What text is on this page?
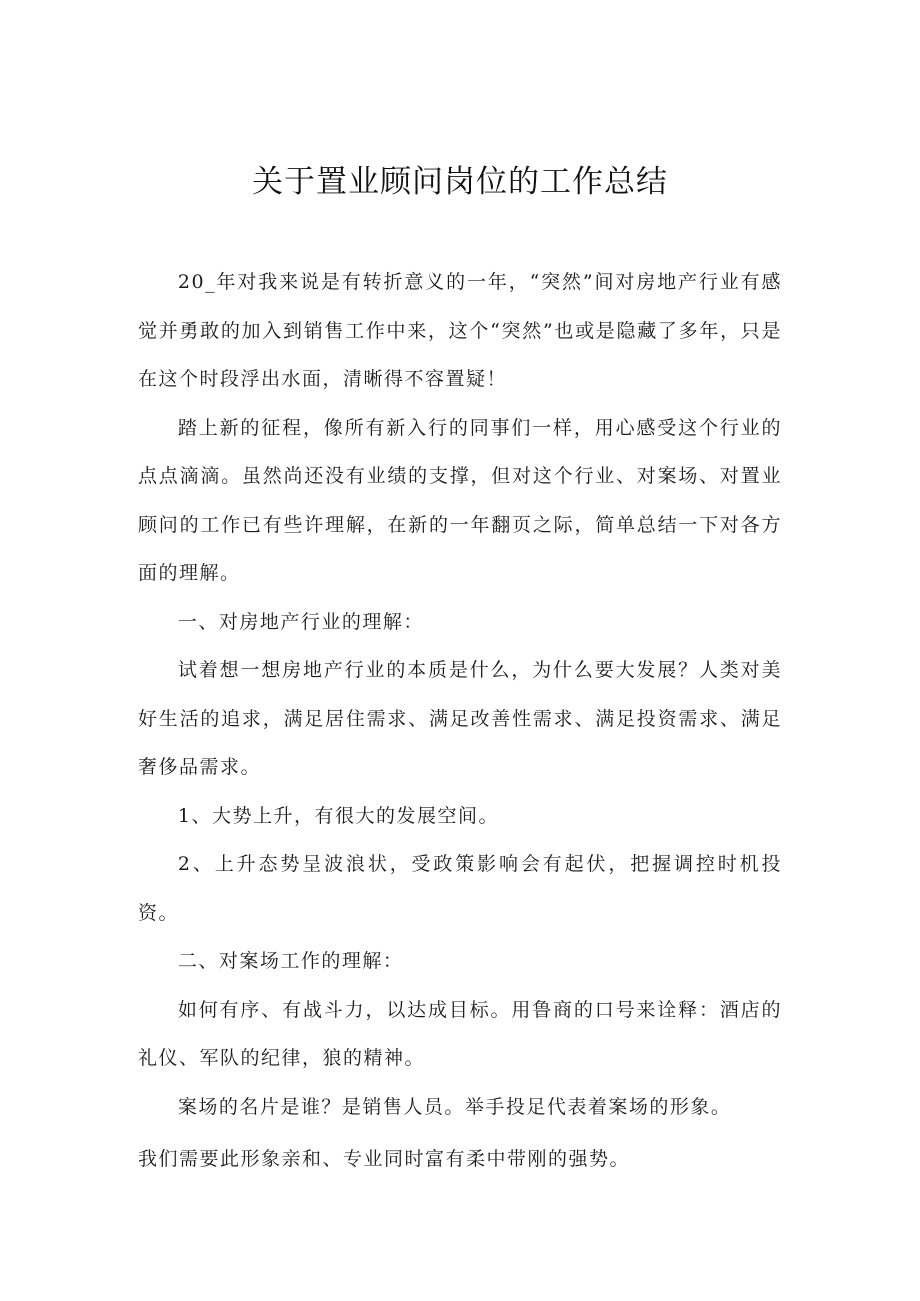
关于置业顾问岗位的工作总结

20_年对我来说是有转折意义的一年，“突然”间对房地产行业有感觉并勇敢的加入到销售工作中来，这个“突然”也或是隐藏了多年，只是在这个时段浮出水面，清晰得不容置疑！

踏上新的征程，像所有新入行的同事们一样，用心感受这个行业的点点滴滴。虽然尚还没有业绩的支撑，但对这个行业、对案场、对置业顾问的工作已有些许理解，在新的一年翻页之际，简单总结一下对各方面的理解。

一、对房地产行业的理解：

试着想一想房地产行业的本质是什么，为什么要大发展？人类对美好生活的追求，满足居住需求、满足改善性需求、满足投资需求、满足奢侈品需求。

1、大势上升，有很大的发展空间。

2、上升态势呈波浪状，受政策影响会有起伏，把握调控时机投资。

二、对案场工作的理解：

如何有序、有战斗力，以达成目标。用鲁商的口号来诠释：酒店的礼仪、军队的纪律，狼的精神。

案场的名片是谁？是销售人员。举手投足代表着案场的形象。

我们需要此形象亲和、专业同时富有柔中带刚的强势。
